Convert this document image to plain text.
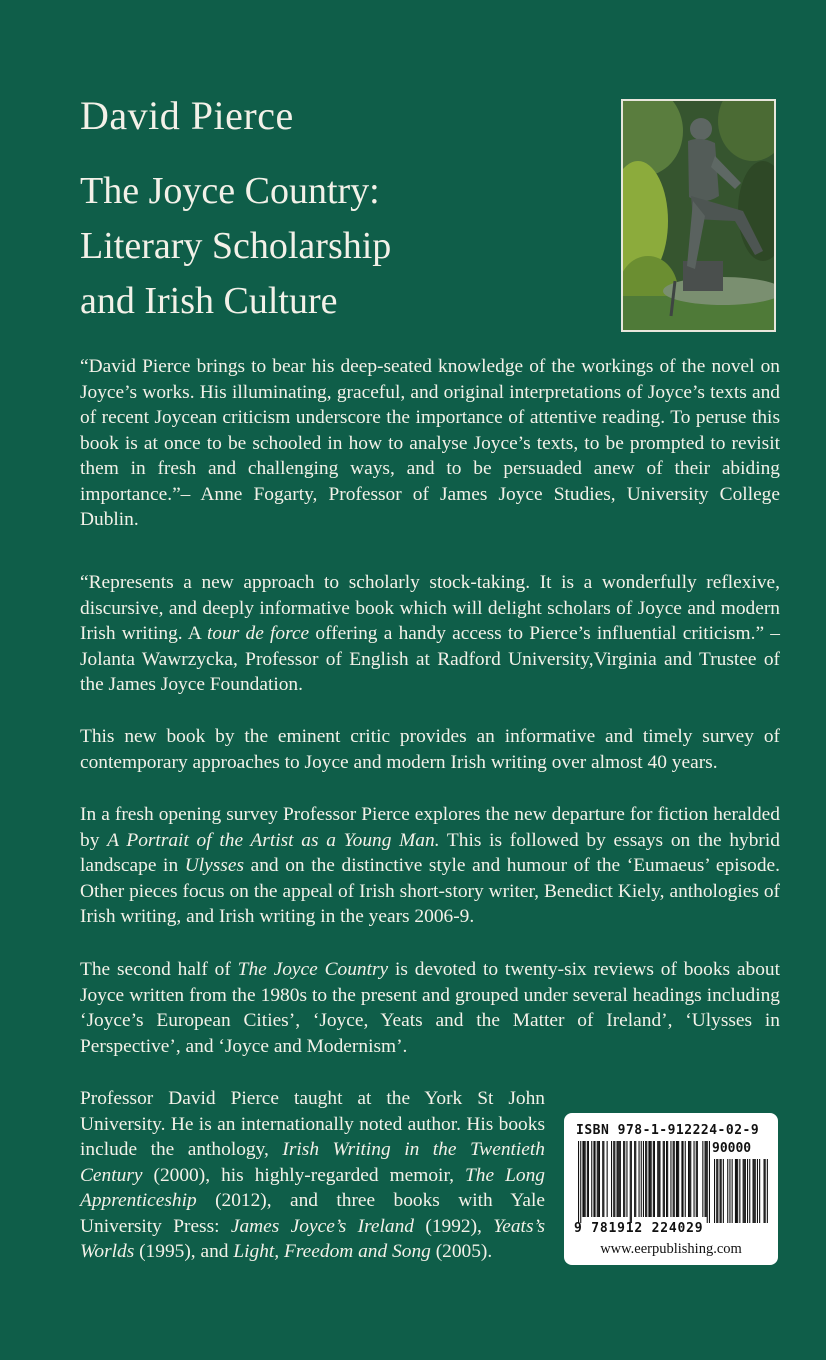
David Pierce
The Joyce Country:
Literary Scholarship
and Irish Culture

“David Pierce brings to bear his deep-seated knowledge of the workings of the novel on Joyce’s works. His illuminating, graceful, and original interpretations of Joyce’s texts and of recent Joycean criticism underscore the importance of attentive reading. To peruse this book is at once to be schooled in how to analyse Joyce’s texts, to be prompted to revisit them in fresh and challenging ways, and to be persuaded anew of their abiding importance.”– Anne Fogarty, Professor of James Joyce Studies, University College Dublin.

“Represents a new approach to scholarly stock-taking. It is a wonderfully reflexive, discursive, and deeply informative book which will delight scholars of Joyce and modern Irish writing. A tour de force offering a handy access to Pierce’s influential criticism.” – Jolanta Wawrzycka, Professor of English at Radford University,Virginia and Trustee of the James Joyce Foundation.

This new book by the eminent critic provides an informative and timely survey of contemporary approaches to Joyce and modern Irish writing over almost 40 years.

In a fresh opening survey Professor Pierce explores the new departure for fiction heralded by A Portrait of the Artist as a Young Man. This is followed by essays on the hybrid landscape in Ulysses and on the distinctive style and humour of the ‘Eumaeus’ episode. Other pieces focus on the appeal of Irish short-story writer, Benedict Kiely, anthologies of Irish writing, and Irish writing in the years 2006-9.

The second half of The Joyce Country is devoted to twenty-six reviews of books about Joyce written from the 1980s to the present and grouped under several headings including ‘Joyce’s European Cities’, ‘Joyce, Yeats and the Matter of Ireland’, ‘Ulysses in Perspective’, and ‘Joyce and Modernism’.

Professor David Pierce taught at the York St John University. He is an internationally noted author. His books include the anthology, Irish Writing in the Twentieth Century (2000), his highly-regarded memoir, The Long Apprenticeship (2012), and three books with Yale University Press: James Joyce’s Ireland (1992), Yeats’s Worlds (1995), and Light, Freedom and Song (2005).

ISBN 978-1-912224-02-9
90000
9 781912 224029
www.eerpublishing.com
